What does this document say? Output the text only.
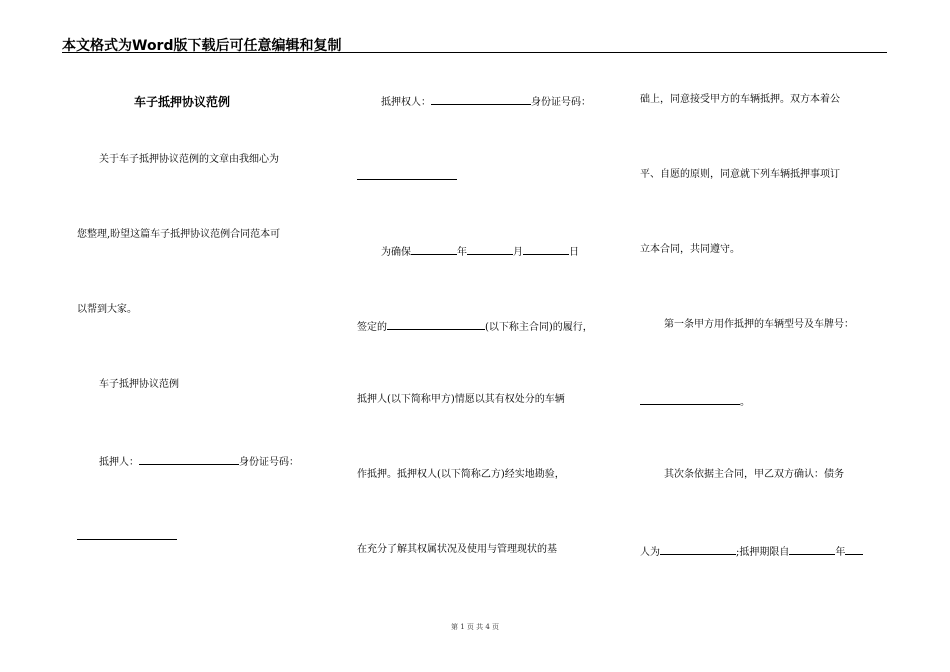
本文格式为Word版下载后可任意编辑和复制
车子抵押协议范例
关于车子抵押协议范例的文章由我细心为
您整理,盼望这篇车子抵押协议范例合同范本可
以帮到大家。
车子抵押协议范例
抵押人：	身份证号码：
抵押权人：	身份证号码：
为确保	年	月	日
签定的	(以下称主合同)的履行，
抵押人(以下简称甲方)情愿以其有权处分的车辆
作抵押。抵押权人(以下简称乙方)经实地勘验，
在充分了解其权属状况及使用与管理现状的基
础上，同意接受甲方的车辆抵押。双方本着公
平、自愿的原则，同意就下列车辆抵押事项订
立本合同，共同遵守。
第一条甲方用作抵押的车辆型号及车牌号：
。
其次条依据主合同，甲乙双方确认：债务
人为	;抵押期限自	年
第 1 页 共 4 页
